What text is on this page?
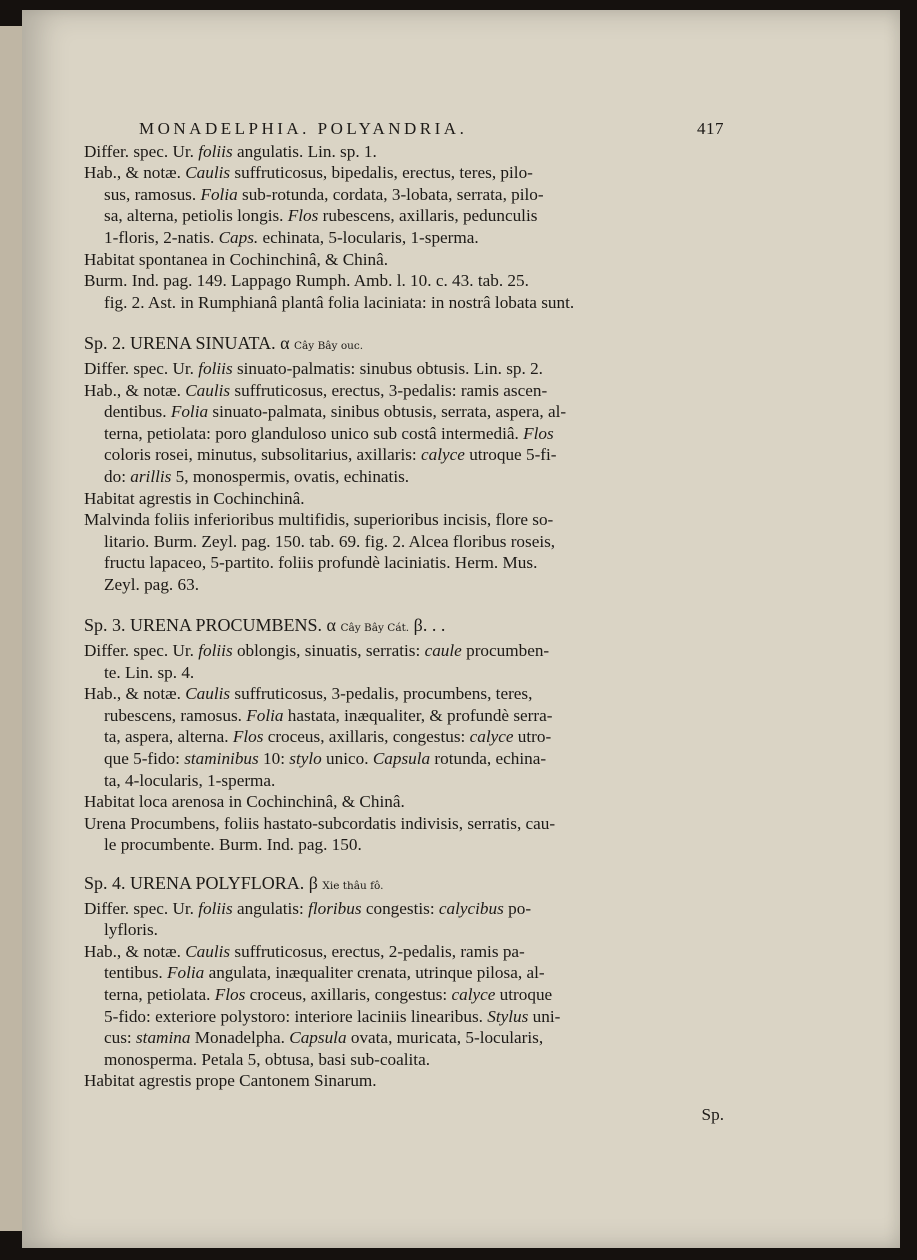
MONADELPHIA. POLYANDRIA.	417
Differ. spec. Ur. foliis angulatis. Lin. sp. 1.
Hab., & notæ. Caulis suffruticosus, bipedalis, erectus, teres, pilo-
sus, ramosus. Folia sub-rotunda, cordata, 3-lobata, serrata, pilo-
sa, alterna, petiolis longis. Flos rubescens, axillaris, pedunculis
1-floris, 2-natis. Caps. echinata, 5-locularis, 1-sperma.
Habitat spontanea in Cochinchinâ, & Chinâ.
Burm. Ind. pag. 149. Lappago Rumph. Amb. l. 10. c. 43. tab. 25.
fig. 2. Ast. in Rumphianâ plantâ folia laciniata: in nostrâ lobata sunt.
Sp. 2. URENA SINUATA. α Cây Bây ouc.
Differ. spec. Ur. foliis sinuato-palmatis: sinubus obtusis. Lin. sp. 2.
Hab., & notæ. Caulis suffruticosus, erectus, 3-pedalis: ramis ascen-
dentibus. Folia sinuato-palmata, sinibus obtusis, serrata, aspera, al-
terna, petiolata: poro glandulosо unico sub costâ intermediâ. Flos
coloris rosei, minutus, subsolitarius, axillaris: calyce utroque 5-fi-
do: arillis 5, monospermis, ovatis, echinatis.
Habitat agrestis in Cochinchinâ.
Malvinda foliis inferioribus multifidis, superioribus incisis, flore so-
litario. Burm. Zeyl. pag. 150. tab. 69. fig. 2. Alcea floribus roseis,
fructu lapaceo, 5-partito. foliis profundè laciniatis. Herm. Mus.
Zeyl. pag. 63.
Sp. 3. URENA PROCUMBENS. α Cây Bây Cát. β. . .
Differ. spec. Ur. foliis oblongis, sinuatis, serratis: caule procumben-
te. Lin. sp. 4.
Hab., & notæ. Caulis suffruticosus, 3-pedalis, procumbens, teres,
rubescens, ramosus. Folia hastata, inæqualiter, & profundè serra-
ta, aspera, alterna. Flos croceus, axillaris, congestus: calyce utro-
que 5-fido: staminibus 10: stylo unico. Capsula rotunda, echina-
ta, 4-locularis, 1-sperma.
Habitat loca arenosa in Cochinchinâ, & Chinâ.
Urena Procumbens, foliis hastato-subcordatis indivisis, serratis, cau-
le procumbente. Burm. Ind. pag. 150.
Sp. 4. URENA POLYFLORA. β Xie thâu fô.
Differ. spec. Ur. foliis angulatis: floribus congestis: calycibus po-
lyfloris.
Hab., & notæ. Caulis suffruticosus, erectus, 2-pedalis, ramis pa-
tentibus. Folia angulata, inæqualiter crenata, utrinque pilosa, al-
terna, petiolata. Flos croceus, axillaris, congestus: calyce utroque
5-fido: exteriore polystoro: interiore laciniis linearibus. Stylus uni-
cus: stamina Monadelpha. Capsula ovata, muricata, 5-locularis,
monosperma. Petala 5, obtusa, basi sub-coalita.
Habitat agrestis prope Cantonem Sinarum.
Sp.
